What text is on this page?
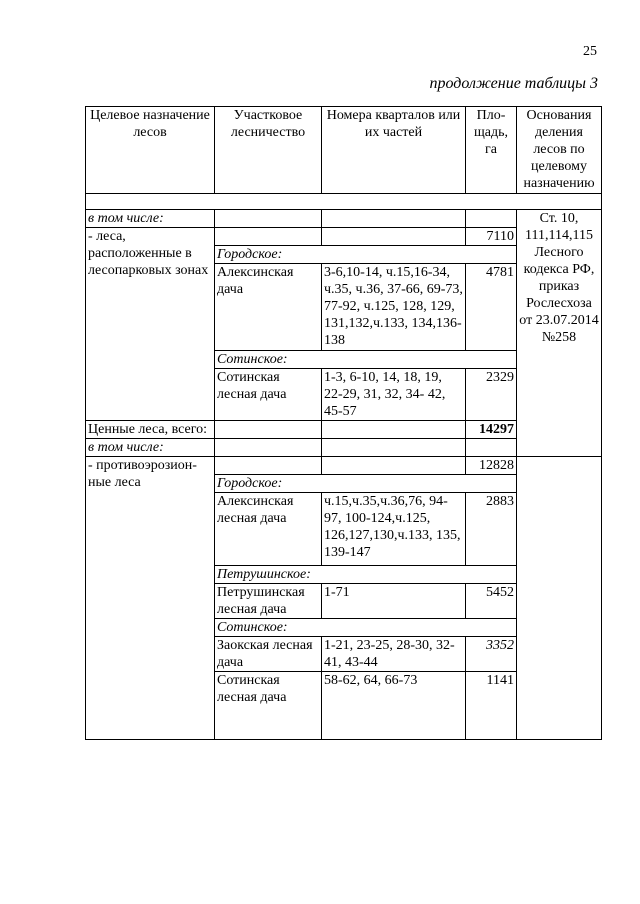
25
продолжение таблицы 3
Целевое назначение лесов	Участковое лесничество	Номера кварталов или их частей	Пло-щадь, га	Основания деления лесов по целевому назначению

в том числе:				Ст. 10, 111,114,115 Лесного кодекса РФ, приказ Рослесхоза от 23.07.2014 №258
- леса, расположенные в лесопарковых зонах			7110	
	Городское:			
	Алексинская дача	3-6,10-14, ч.15,16-34, ч.35, ч.36, 37-66, 69-73, 77-92, ч.125, 128, 129, 131,132,ч.133, 134,136-138	4781	
	Сотинское:			
	Сотинская лесная дача	1-3, 6-10, 14, 18, 19, 22-29, 31, 32, 34- 42, 45-57	2329	
Ценные леса, всего:			14297	
в том числе:				
- противоэрозион-ные леса			12828	
	Городское:			
	Алексинская лесная дача	ч.15,ч.35,ч.36,76, 94-97, 100-124,ч.125, 126,127,130,ч.133, 135, 139-147	2883	
	Петрушинское:			
	Петрушинская лесная дача	1-71	5452	
	Сотинское:			
	Заокская лесная дача	1-21, 23-25, 28-30, 32-41, 43-44	3352	
	Сотинская лесная дача	58-62, 64, 66-73	1141	
